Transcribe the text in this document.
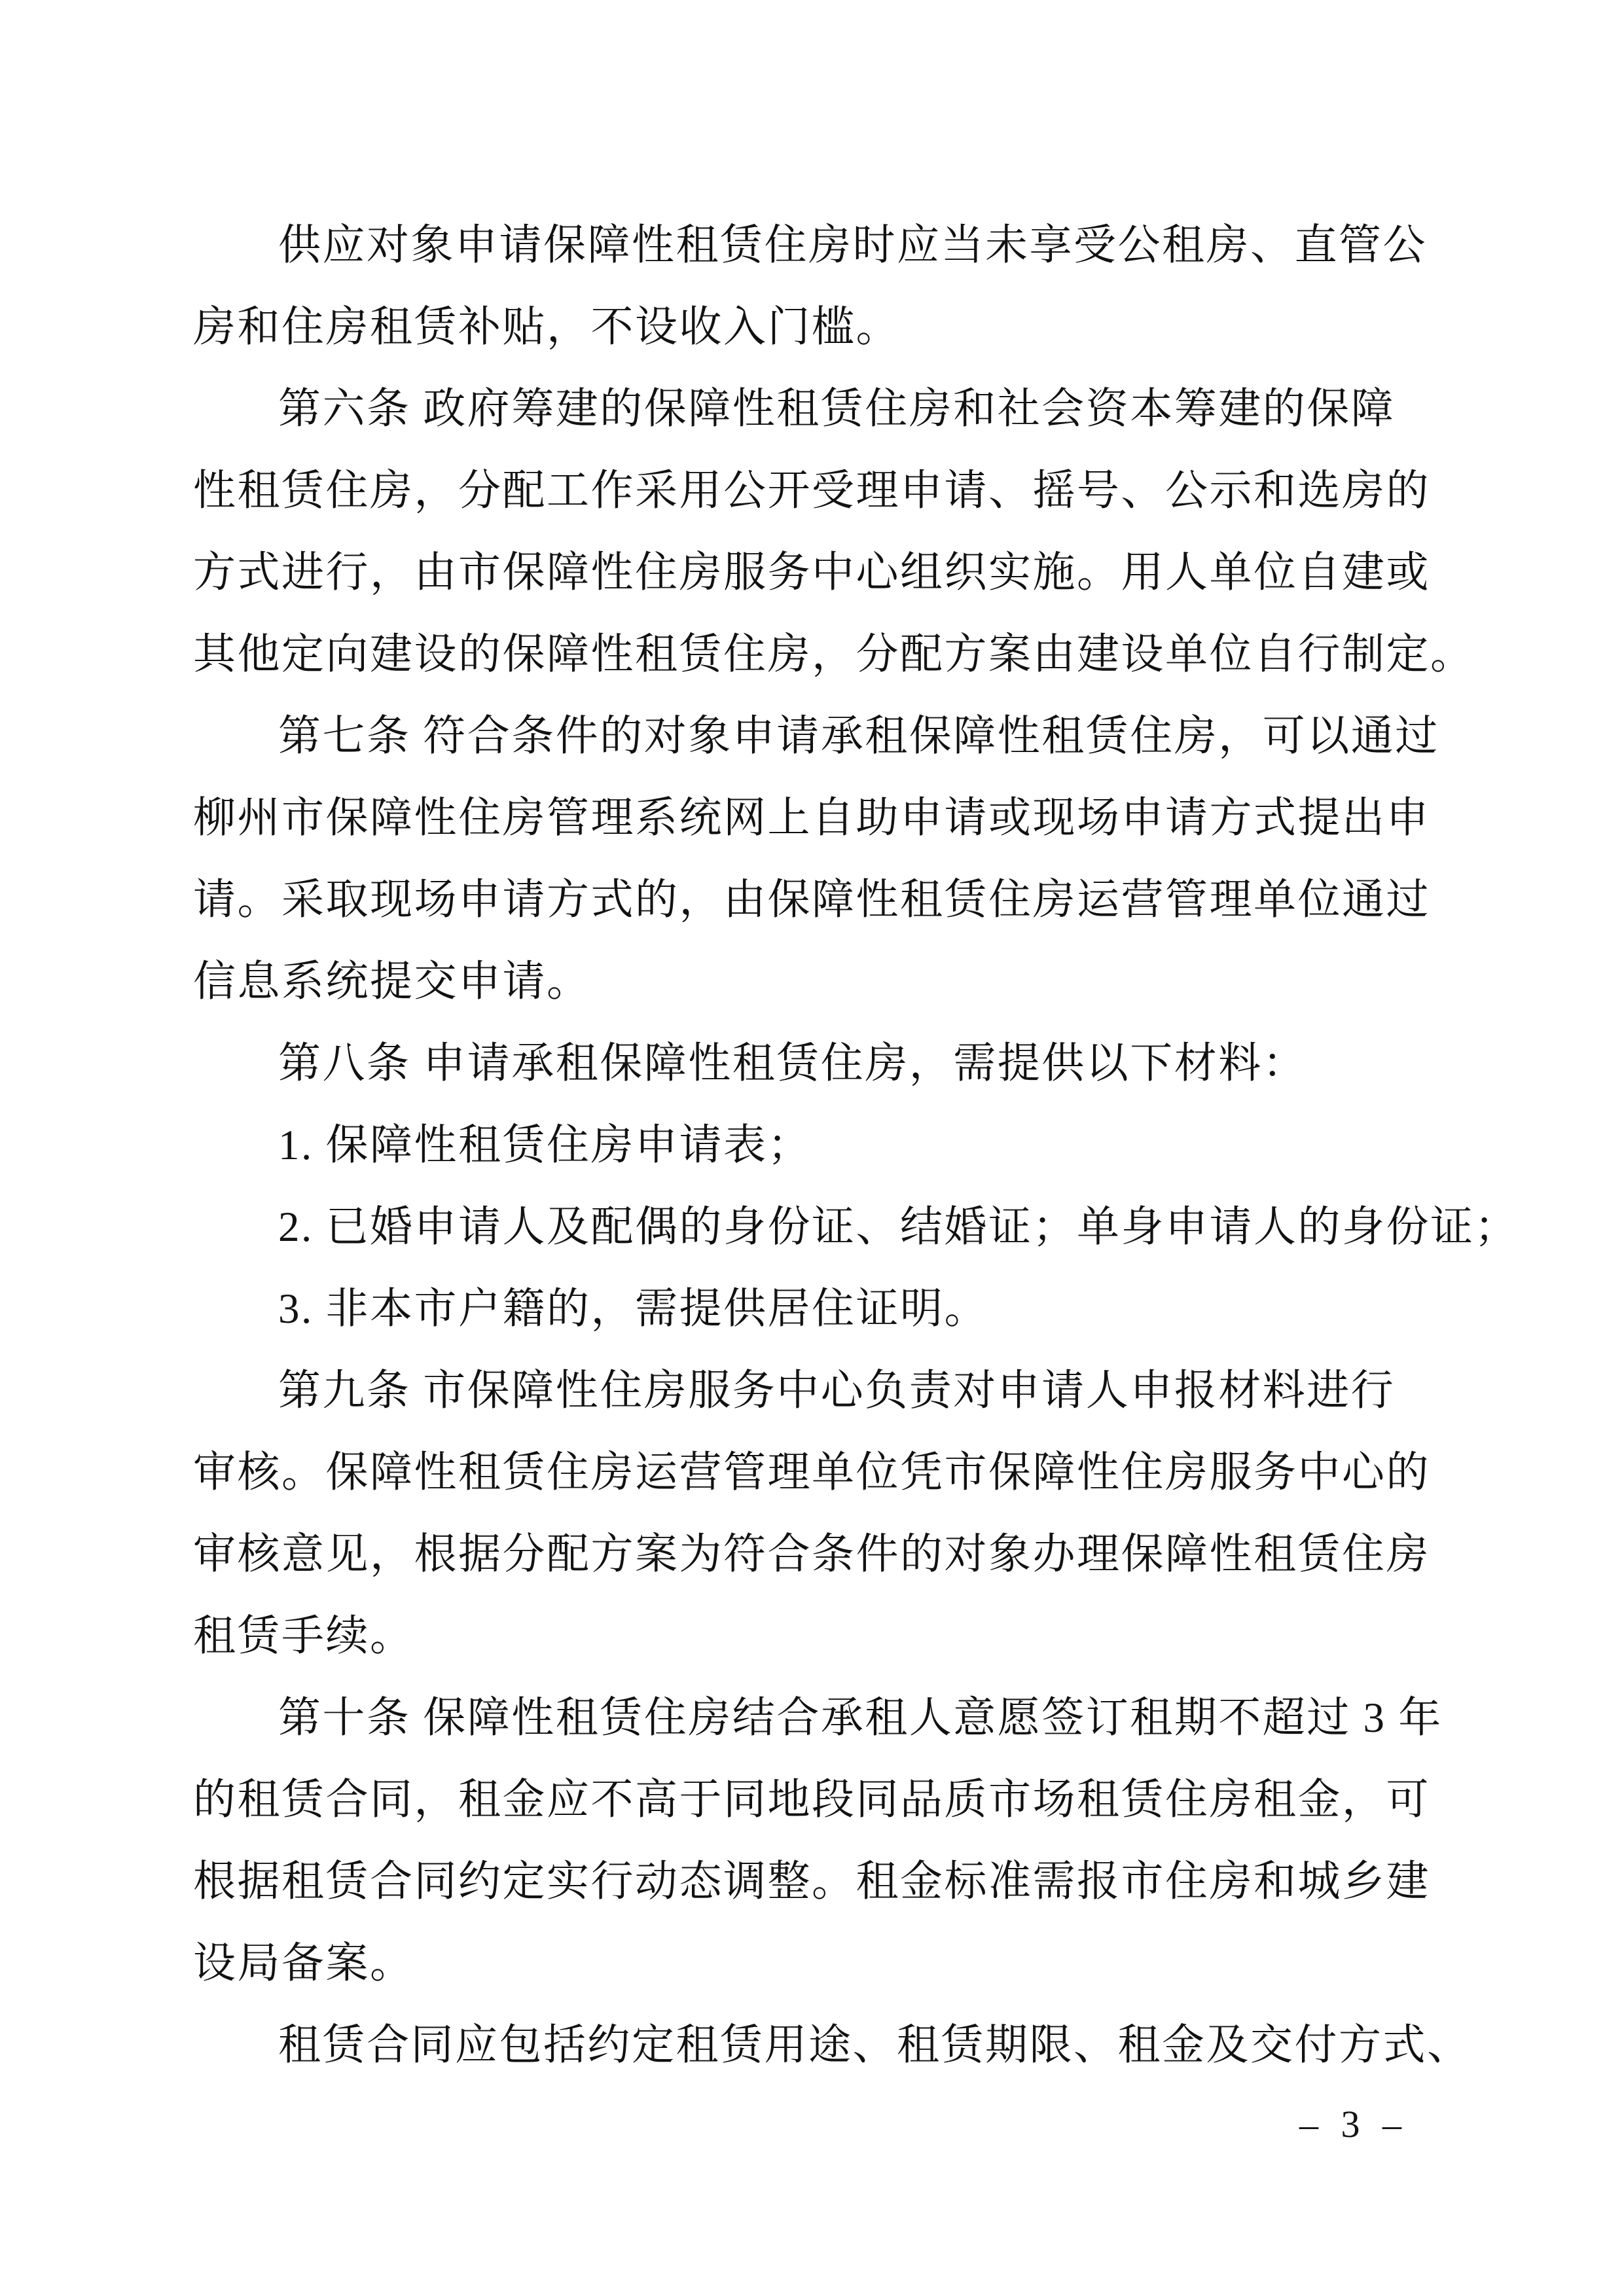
供应对象申请保障性租赁住房时应当未享受公租房、直管公

房和住房租赁补贴，不设收入门槛。

第六条 政府筹建的保障性租赁住房和社会资本筹建的保障

性租赁住房，分配工作采用公开受理申请、摇号、公示和选房的

方式进行，由市保障性住房服务中心组织实施。用人单位自建或

其他定向建设的保障性租赁住房，分配方案由建设单位自行制定。

第七条 符合条件的对象申请承租保障性租赁住房，可以通过

柳州市保障性住房管理系统网上自助申请或现场申请方式提出申

请。采取现场申请方式的，由保障性租赁住房运营管理单位通过

信息系统提交申请。

第八条 申请承租保障性租赁住房，需提供以下材料：

1. 保障性租赁住房申请表；

2. 已婚申请人及配偶的身份证、结婚证；单身申请人的身份证；

3. 非本市户籍的，需提供居住证明。

第九条 市保障性住房服务中心负责对申请人申报材料进行

审核。保障性租赁住房运营管理单位凭市保障性住房服务中心的

审核意见，根据分配方案为符合条件的对象办理保障性租赁住房

租赁手续。

第十条 保障性租赁住房结合承租人意愿签订租期不超过 3 年

的租赁合同，租金应不高于同地段同品质市场租赁住房租金，可

根据租赁合同约定实行动态调整。租金标准需报市住房和城乡建

设局备案。

租赁合同应包括约定租赁用途、租赁期限、租金及交付方式、

– 3 –
